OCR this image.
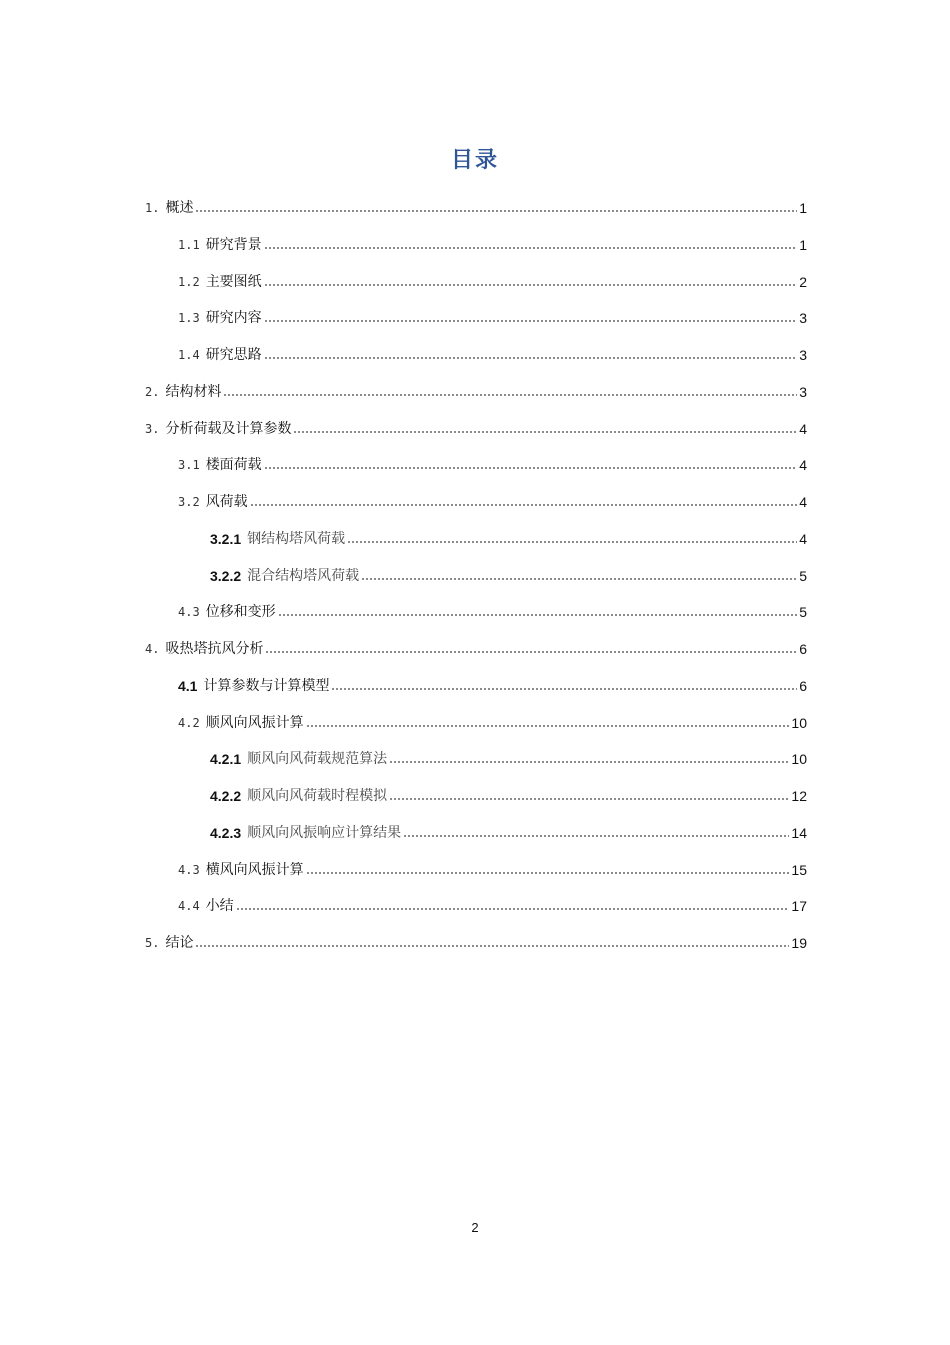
目录
1. 概述	1
1.1 研究背景	1
1.2 主要图纸	2
1.3 研究内容	3
1.4 研究思路	3
2. 结构材料	3
3. 分析荷载及计算参数	4
3.1 楼面荷载	4
3.2 风荷载	4
3.2.1 钢结构塔风荷载	4
3.2.2 混合结构塔风荷载	5
4.3 位移和变形	5
4. 吸热塔抗风分析	6
4.1 计算参数与计算模型	6
4.2 顺风向风振计算	10
4.2.1 顺风向风荷载规范算法	10
4.2.2 顺风向风荷载时程模拟	12
4.2.3 顺风向风振响应计算结果	14
4.3 横风向风振计算	15
4.4 小结	17
5. 结论	19
2
